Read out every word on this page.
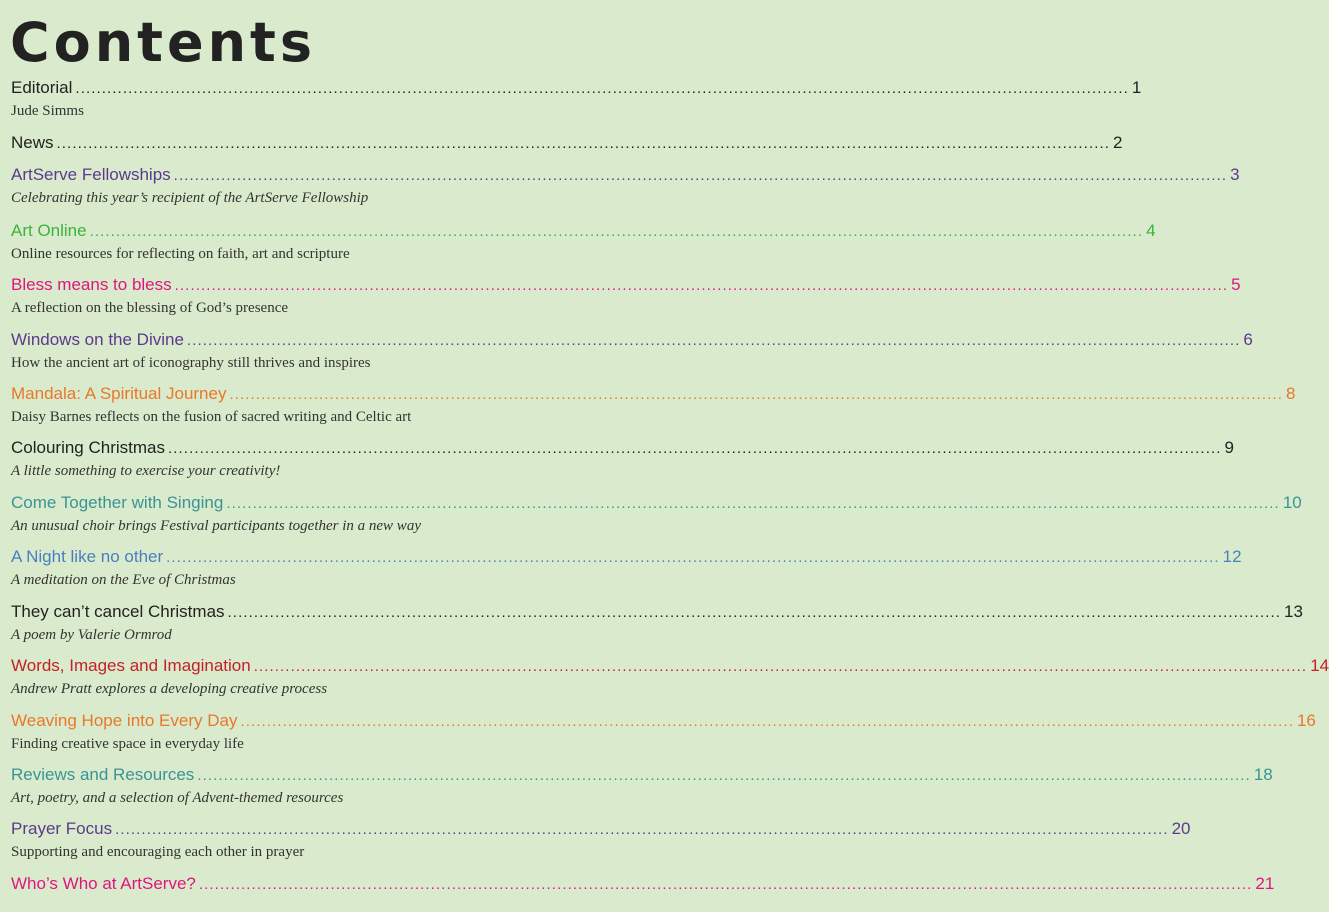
Contents
Editorial ........................................................................................................................................................................................................ 1
Jude Simms
News ........................................................................................................................................................................................................ 2
ArtServe Fellowships ........................................................................................................................................................................................................ 3
Celebrating this year’s recipient of the ArtServe Fellowship
Art Online ........................................................................................................................................................................................................ 4
Online resources for reflecting on faith, art and scripture
Bless means to bless ........................................................................................................................................................................................................ 5
A reflection on the blessing of God’s presence
Windows on the Divine ........................................................................................................................................................................................................ 6
How the ancient art of iconography still thrives and inspires
Mandala: A Spiritual Journey ........................................................................................................................................................................................................ 8
Daisy Barnes reflects on the fusion of sacred writing and Celtic art
Colouring Christmas ........................................................................................................................................................................................................ 9
A little something to exercise your creativity!
Come Together with Singing ........................................................................................................................................................................................................ 10
An unusual choir brings Festival participants together in a new way
A Night like no other ........................................................................................................................................................................................................ 12
A meditation on the Eve of Christmas
They can’t cancel Christmas ........................................................................................................................................................................................................ 13
A poem by Valerie Ormrod
Words, Images and Imagination ........................................................................................................................................................................................................ 14
Andrew Pratt explores a developing creative process
Weaving Hope into Every Day ........................................................................................................................................................................................................ 16
Finding creative space in everyday life
Reviews and Resources ........................................................................................................................................................................................................ 18
Art, poetry, and a selection of Advent-themed resources
Prayer Focus ........................................................................................................................................................................................................ 20
Supporting and encouraging each other in prayer
Who’s Who at ArtServe? ........................................................................................................................................................................................................ 21
